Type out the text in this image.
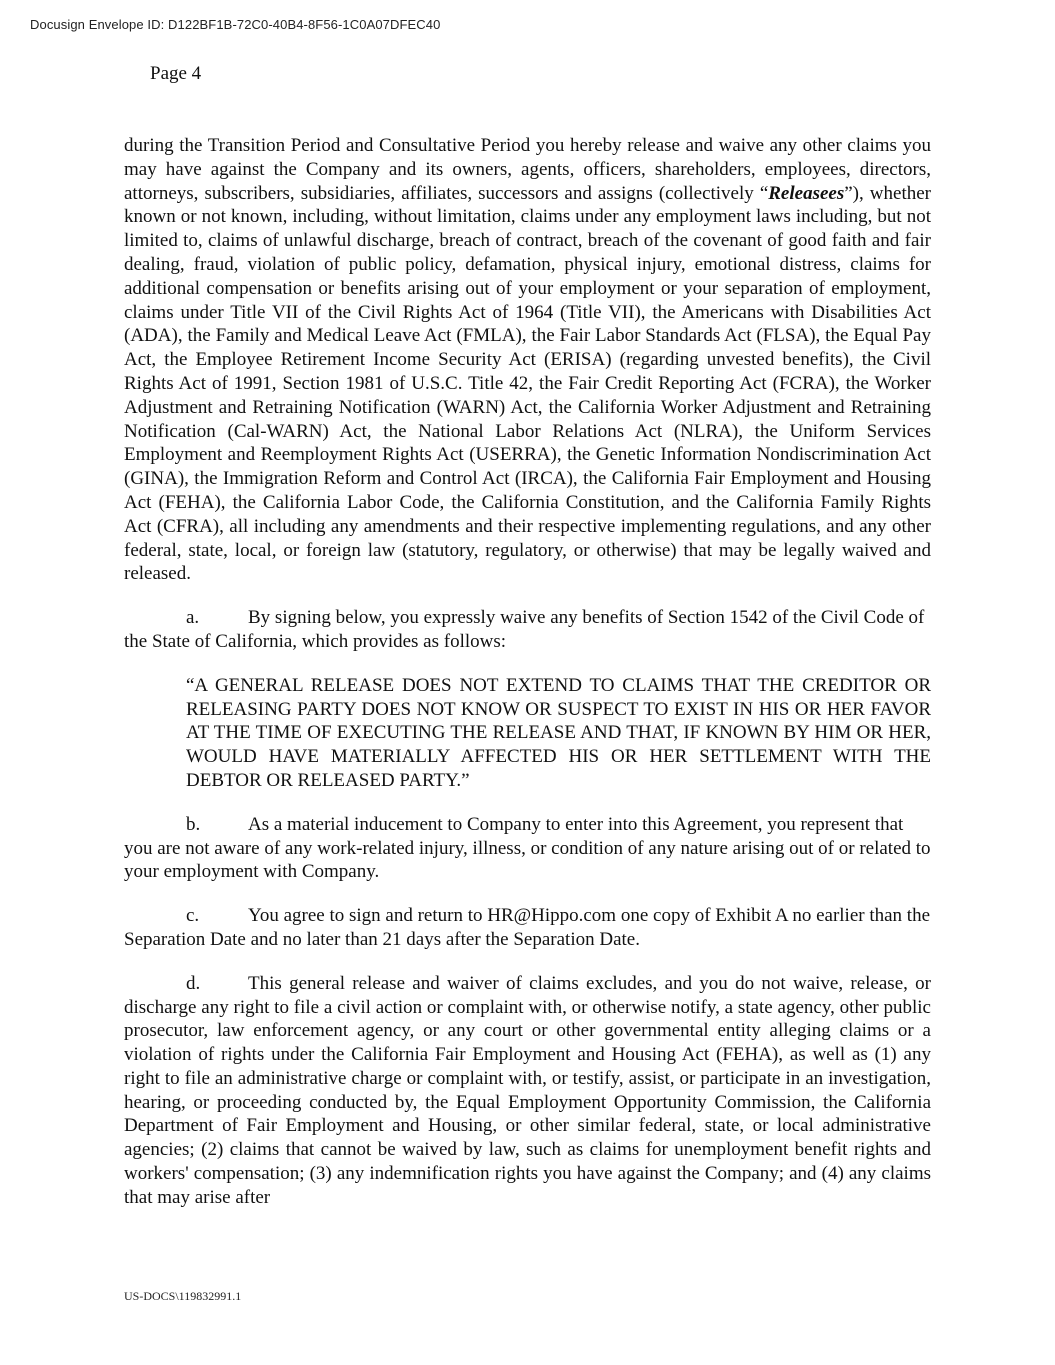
Docusign Envelope ID: D122BF1B-72C0-40B4-8F56-1C0A07DFEC40
Page 4

during the Transition Period and Consultative Period you hereby release and waive any other claims you may have against the Company and its owners, agents, officers, shareholders, employees, directors, attorneys, subscribers, subsidiaries, affiliates, successors and assigns (collectively “Releasees”), whether known or not known, including, without limitation, claims under any employment laws including, but not limited to, claims of unlawful discharge, breach of contract, breach of the covenant of good faith and fair dealing, fraud, violation of public policy, defamation, physical injury, emotional distress, claims for additional compensation or benefits arising out of your employment or your separation of employment, claims under Title VII of the Civil Rights Act of 1964 (Title VII), the Americans with Disabilities Act (ADA), the Family and Medical Leave Act (FMLA), the Fair Labor Standards Act (FLSA), the Equal Pay Act, the Employee Retirement Income Security Act (ERISA) (regarding unvested benefits), the Civil Rights Act of 1991, Section 1981 of U.S.C. Title 42, the Fair Credit Reporting Act (FCRA), the Worker Adjustment and Retraining Notification (WARN) Act, the California Worker Adjustment and Retraining Notification (Cal-WARN) Act, the National Labor Relations Act (NLRA), the Uniform Services Employment and Reemployment Rights Act (USERRA), the Genetic Information Nondiscrimination Act (GINA), the Immigration Reform and Control Act (IRCA), the California Fair Employment and Housing Act (FEHA), the California Labor Code, the California Constitution, and the California Family Rights Act (CFRA), all including any amendments and their respective implementing regulations, and any other federal, state, local, or foreign law (statutory, regulatory, or otherwise) that may be legally waived and released.

a.	By signing below, you expressly waive any benefits of Section 1542 of the Civil Code of the State of California, which provides as follows:

“A GENERAL RELEASE DOES NOT EXTEND TO CLAIMS THAT THE CREDITOR OR RELEASING PARTY DOES NOT KNOW OR SUSPECT TO EXIST IN HIS OR HER FAVOR AT THE TIME OF EXECUTING THE RELEASE AND THAT, IF KNOWN BY HIM OR HER, WOULD HAVE MATERIALLY AFFECTED HIS OR HER SETTLEMENT WITH THE DEBTOR OR RELEASED PARTY.”

b.	As a material inducement to Company to enter into this Agreement, you represent that you are not aware of any work-related injury, illness, or condition of any nature arising out of or related to your employment with Company.

c.	You agree to sign and return to HR@Hippo.com one copy of Exhibit A no earlier than the Separation Date and no later than 21 days after the Separation Date.

d.	This general release and waiver of claims excludes, and you do not waive, release, or discharge any right to file a civil action or complaint with, or otherwise notify, a state agency, other public prosecutor, law enforcement agency, or any court or other governmental entity alleging claims or a violation of rights under the California Fair Employment and Housing Act (FEHA), as well as (1) any right to file an administrative charge or complaint with, or testify, assist, or participate in an investigation, hearing, or proceeding conducted by, the Equal Employment Opportunity Commission, the California Department of Fair Employment and Housing, or other similar federal, state, or local administrative agencies; (2) claims that cannot be waived by law, such as claims for unemployment benefit rights and workers' compensation; (3) any indemnification rights you have against the Company; and (4) any claims that may arise after

US-DOCS\119832991.1
